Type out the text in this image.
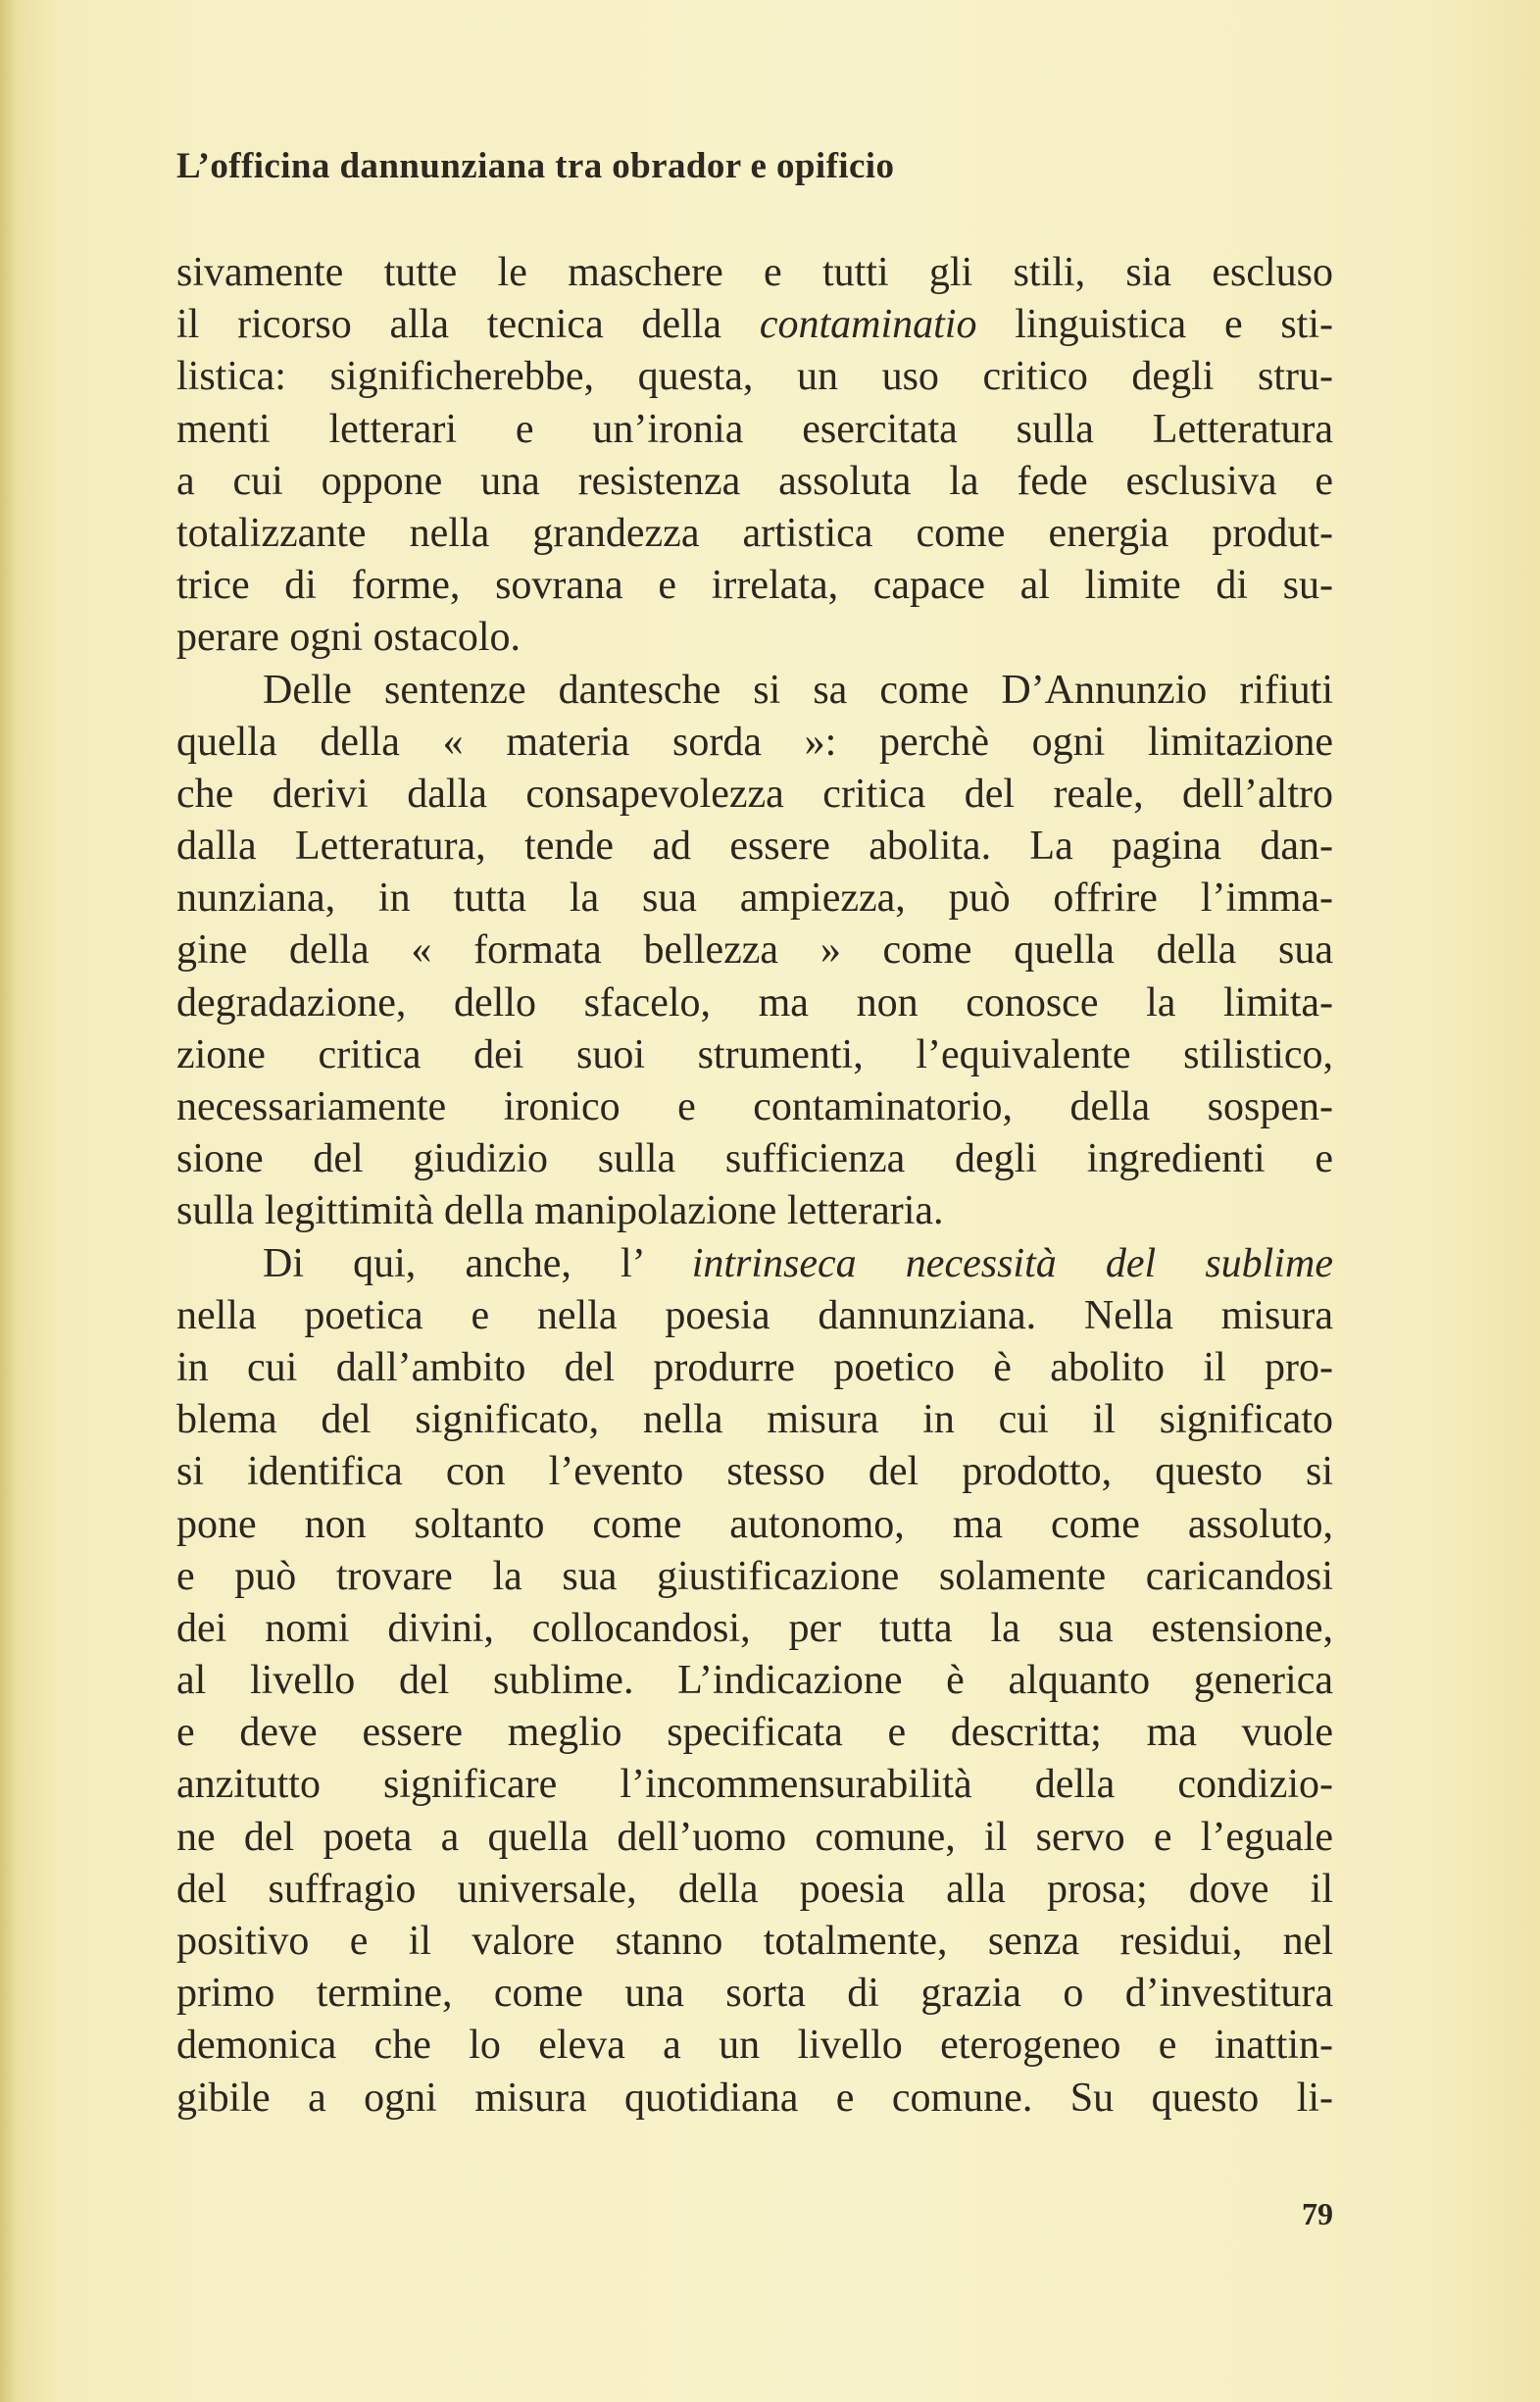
L’officina dannunziana tra obrador e opificio
sivamente tutte le maschere e tutti gli stili, sia escluso
il ricorso alla tecnica della contaminatio linguistica e sti-
listica: significherebbe, questa, un uso critico degli stru-
menti letterari e un’ironia esercitata sulla Letteratura
a cui oppone una resistenza assoluta la fede esclusiva e
totalizzante nella grandezza artistica come energia produt-
trice di forme, sovrana e irrelata, capace al limite di su-
perare ogni ostacolo.
Delle sentenze dantesche si sa come D’Annunzio rifiuti
quella della « materia sorda »: perchè ogni limitazione
che derivi dalla consapevolezza critica del reale, dell’altro
dalla Letteratura, tende ad essere abolita. La pagina dan-
nunziana, in tutta la sua ampiezza, può offrire l’imma-
gine della « formata bellezza » come quella della sua
degradazione, dello sfacelo, ma non conosce la limita-
zione critica dei suoi strumenti, l’equivalente stilistico,
necessariamente ironico e contaminatorio, della sospen-
sione del giudizio sulla sufficienza degli ingredienti e
sulla legittimità della manipolazione letteraria.
Di qui, anche, l’ intrinseca necessità del sublime
nella poetica e nella poesia dannunziana. Nella misura
in cui dall’ambito del produrre poetico è abolito il pro-
blema del significato, nella misura in cui il significato
si identifica con l’evento stesso del prodotto, questo si
pone non soltanto come autonomo, ma come assoluto,
e può trovare la sua giustificazione solamente caricandosi
dei nomi divini, collocandosi, per tutta la sua estensione,
al livello del sublime. L’indicazione è alquanto generica
e deve essere meglio specificata e descritta; ma vuole
anzitutto significare l’incommensurabilità della condizio-
ne del poeta a quella dell’uomo comune, il servo e l’eguale
del suffragio universale, della poesia alla prosa; dove il
positivo e il valore stanno totalmente, senza residui, nel
primo termine, come una sorta di grazia o d’investitura
demonica che lo eleva a un livello eterogeneo e inattin-
gibile a ogni misura quotidiana e comune. Su questo li-
79
